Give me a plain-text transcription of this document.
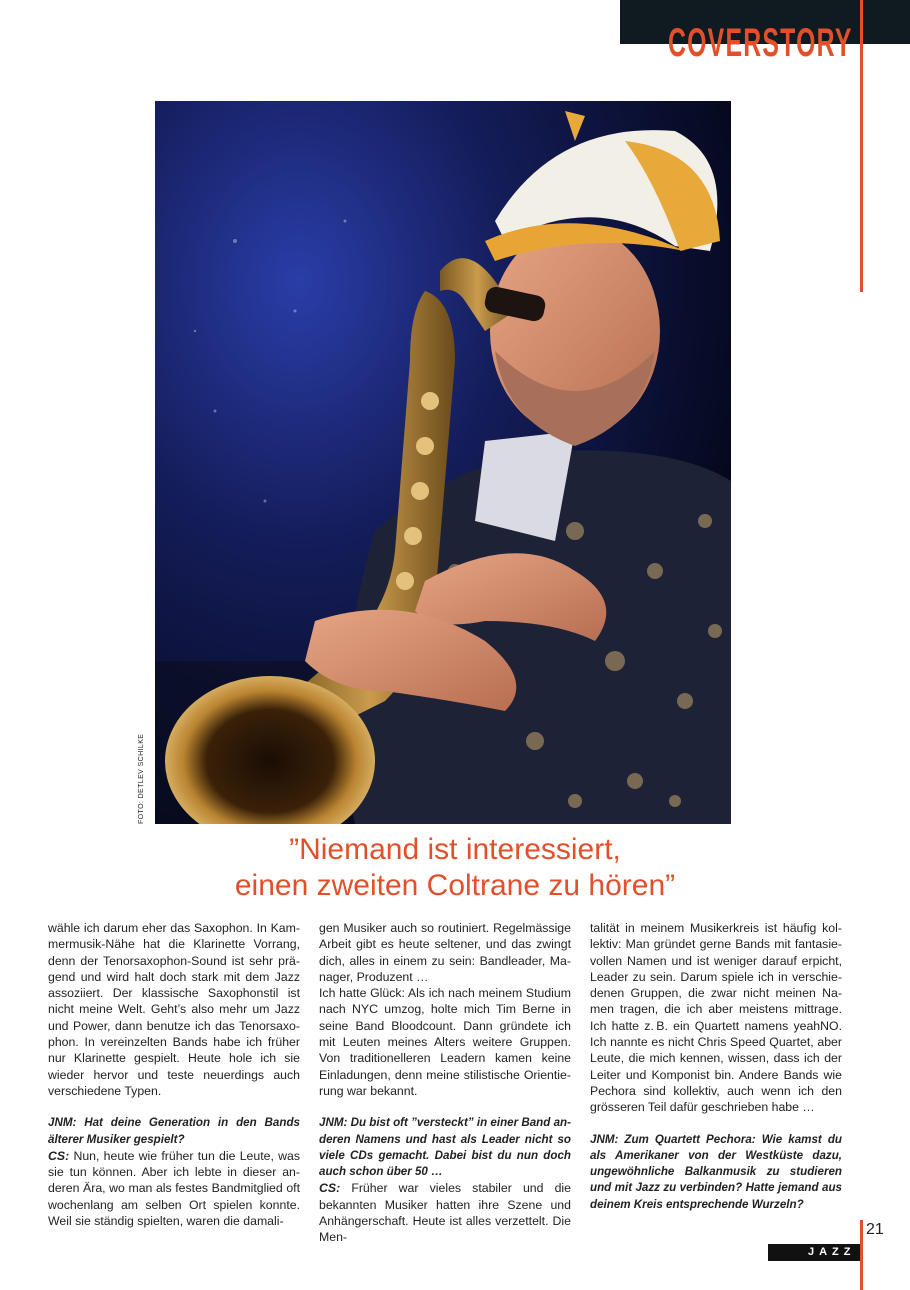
COVERSTORY
FOTO: DETLEV SCHILKE
”Niemand ist interessiert,
einen zweiten Coltrane zu hören”

wähle ich darum eher das Saxophon. In Kammermusik-Nähe hat die Klarinette Vorrang, denn der Tenorsaxophon-Sound ist sehr prägend und wird halt doch stark mit dem Jazz assoziiert. Der klassische Saxophonstil ist nicht meine Welt. Geht’s also mehr um Jazz und Power, dann benutze ich das Tenorsaxophon. In vereinzelten Bands habe ich früher nur Klarinette gespielt. Heute hole ich sie wieder hervor und teste neuerdings auch verschiedene Typen.

JNM: Hat deine Generation in den Bands älterer Musiker gespielt?

CS: Nun, heute wie früher tun die Leute, was sie tun können. Aber ich lebte in dieser anderen Ära, wo man als festes Bandmitglied oft wochenlang am selben Ort spielen konnte. Weil sie ständig spielten, waren die damali-

gen Musiker auch so routiniert. Regelmässige Arbeit gibt es heute seltener, und das zwingt dich, alles in einem zu sein: Bandleader, Manager, Produzent …

Ich hatte Glück: Als ich nach meinem Studium nach NYC umzog, holte mich Tim Berne in seine Band Bloodcount. Dann gründete ich mit Leuten meines Alters weitere Gruppen. Von traditionelleren Leadern kamen keine Einladungen, denn meine stilistische Orientierung war bekannt.

JNM: Du bist oft ”versteckt” in einer Band anderen Namens und hast als Leader nicht so viele CDs gemacht. Dabei bist du nun doch auch schon über 50 …

CS: Früher war vieles stabiler und die bekannten Musiker hatten ihre Szene und Anhängerschaft. Heute ist alles verzettelt. Die Men-

talität in meinem Musikerkreis ist häufig kollektiv: Man gründet gerne Bands mit fantasievollen Namen und ist weniger darauf erpicht, Leader zu sein. Darum spiele ich in verschiedenen Gruppen, die zwar nicht meinen Namen tragen, die ich aber meistens mittrage. Ich hatte z. B. ein Quartett namens yeahNO. Ich nannte es nicht Chris Speed Quartet, aber Leute, die mich kennen, wissen, dass ich der Leiter und Komponist bin. Andere Bands wie Pechora sind kollektiv, auch wenn ich den grösseren Teil dafür geschrieben habe …

JNM: Zum Quartett Pechora: Wie kamst du als Amerikaner von der Westküste dazu, ungewöhnliche Balkanmusik zu studieren und mit Jazz zu verbinden? Hatte jemand aus deinem Kreis entsprechende Wurzeln?

21
JAZZ
